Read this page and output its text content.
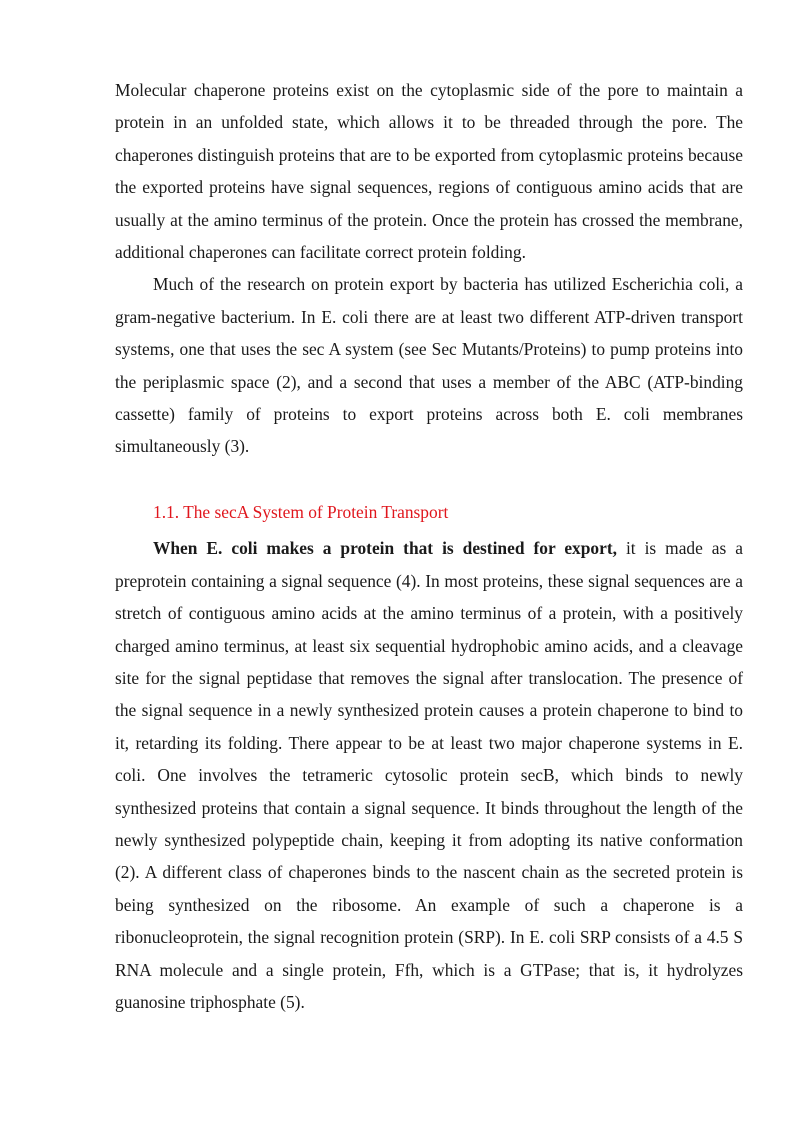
Molecular chaperone proteins exist on the cytoplasmic side of the pore to maintain a protein in an unfolded state, which allows it to be threaded through the pore. The chaperones distinguish proteins that are to be exported from cytoplasmic proteins because the exported proteins have signal sequences, regions of contiguous amino acids that are usually at the amino terminus of the protein. Once the protein has crossed the membrane, additional chaperones can facilitate correct protein folding.

Much of the research on protein export by bacteria has utilized Escherichia coli, a gram-negative bacterium. In E. coli there are at least two different ATP-driven transport systems, one that uses the sec A system (see Sec Mutants/Proteins) to pump proteins into the periplasmic space (2), and a second that uses a member of the ABC (ATP-binding cassette) family of proteins to export proteins across both E. coli membranes simultaneously (3).

1.1. The secA System of Protein Transport

When E. coli makes a protein that is destined for export, it is made as a preprotein containing a signal sequence (4). In most proteins, these signal sequences are a stretch of contiguous amino acids at the amino terminus of a protein, with a positively charged amino terminus, at least six sequential hydrophobic amino acids, and a cleavage site for the signal peptidase that removes the signal after translocation. The presence of the signal sequence in a newly synthesized protein causes a protein chaperone to bind to it, retarding its folding. There appear to be at least two major chaperone systems in E. coli. One involves the tetrameric cytosolic protein secB, which binds to newly synthesized proteins that contain a signal sequence. It binds throughout the length of the newly synthesized polypeptide chain, keeping it from adopting its native conformation (2). A different class of chaperones binds to the nascent chain as the secreted protein is being synthesized on the ribosome. An example of such a chaperone is a ribonucleoprotein, the signal recognition protein (SRP). In E. coli SRP consists of a 4.5 S RNA molecule and a single protein, Ffh, which is a GTPase; that is, it hydrolyzes guanosine triphosphate (5).
